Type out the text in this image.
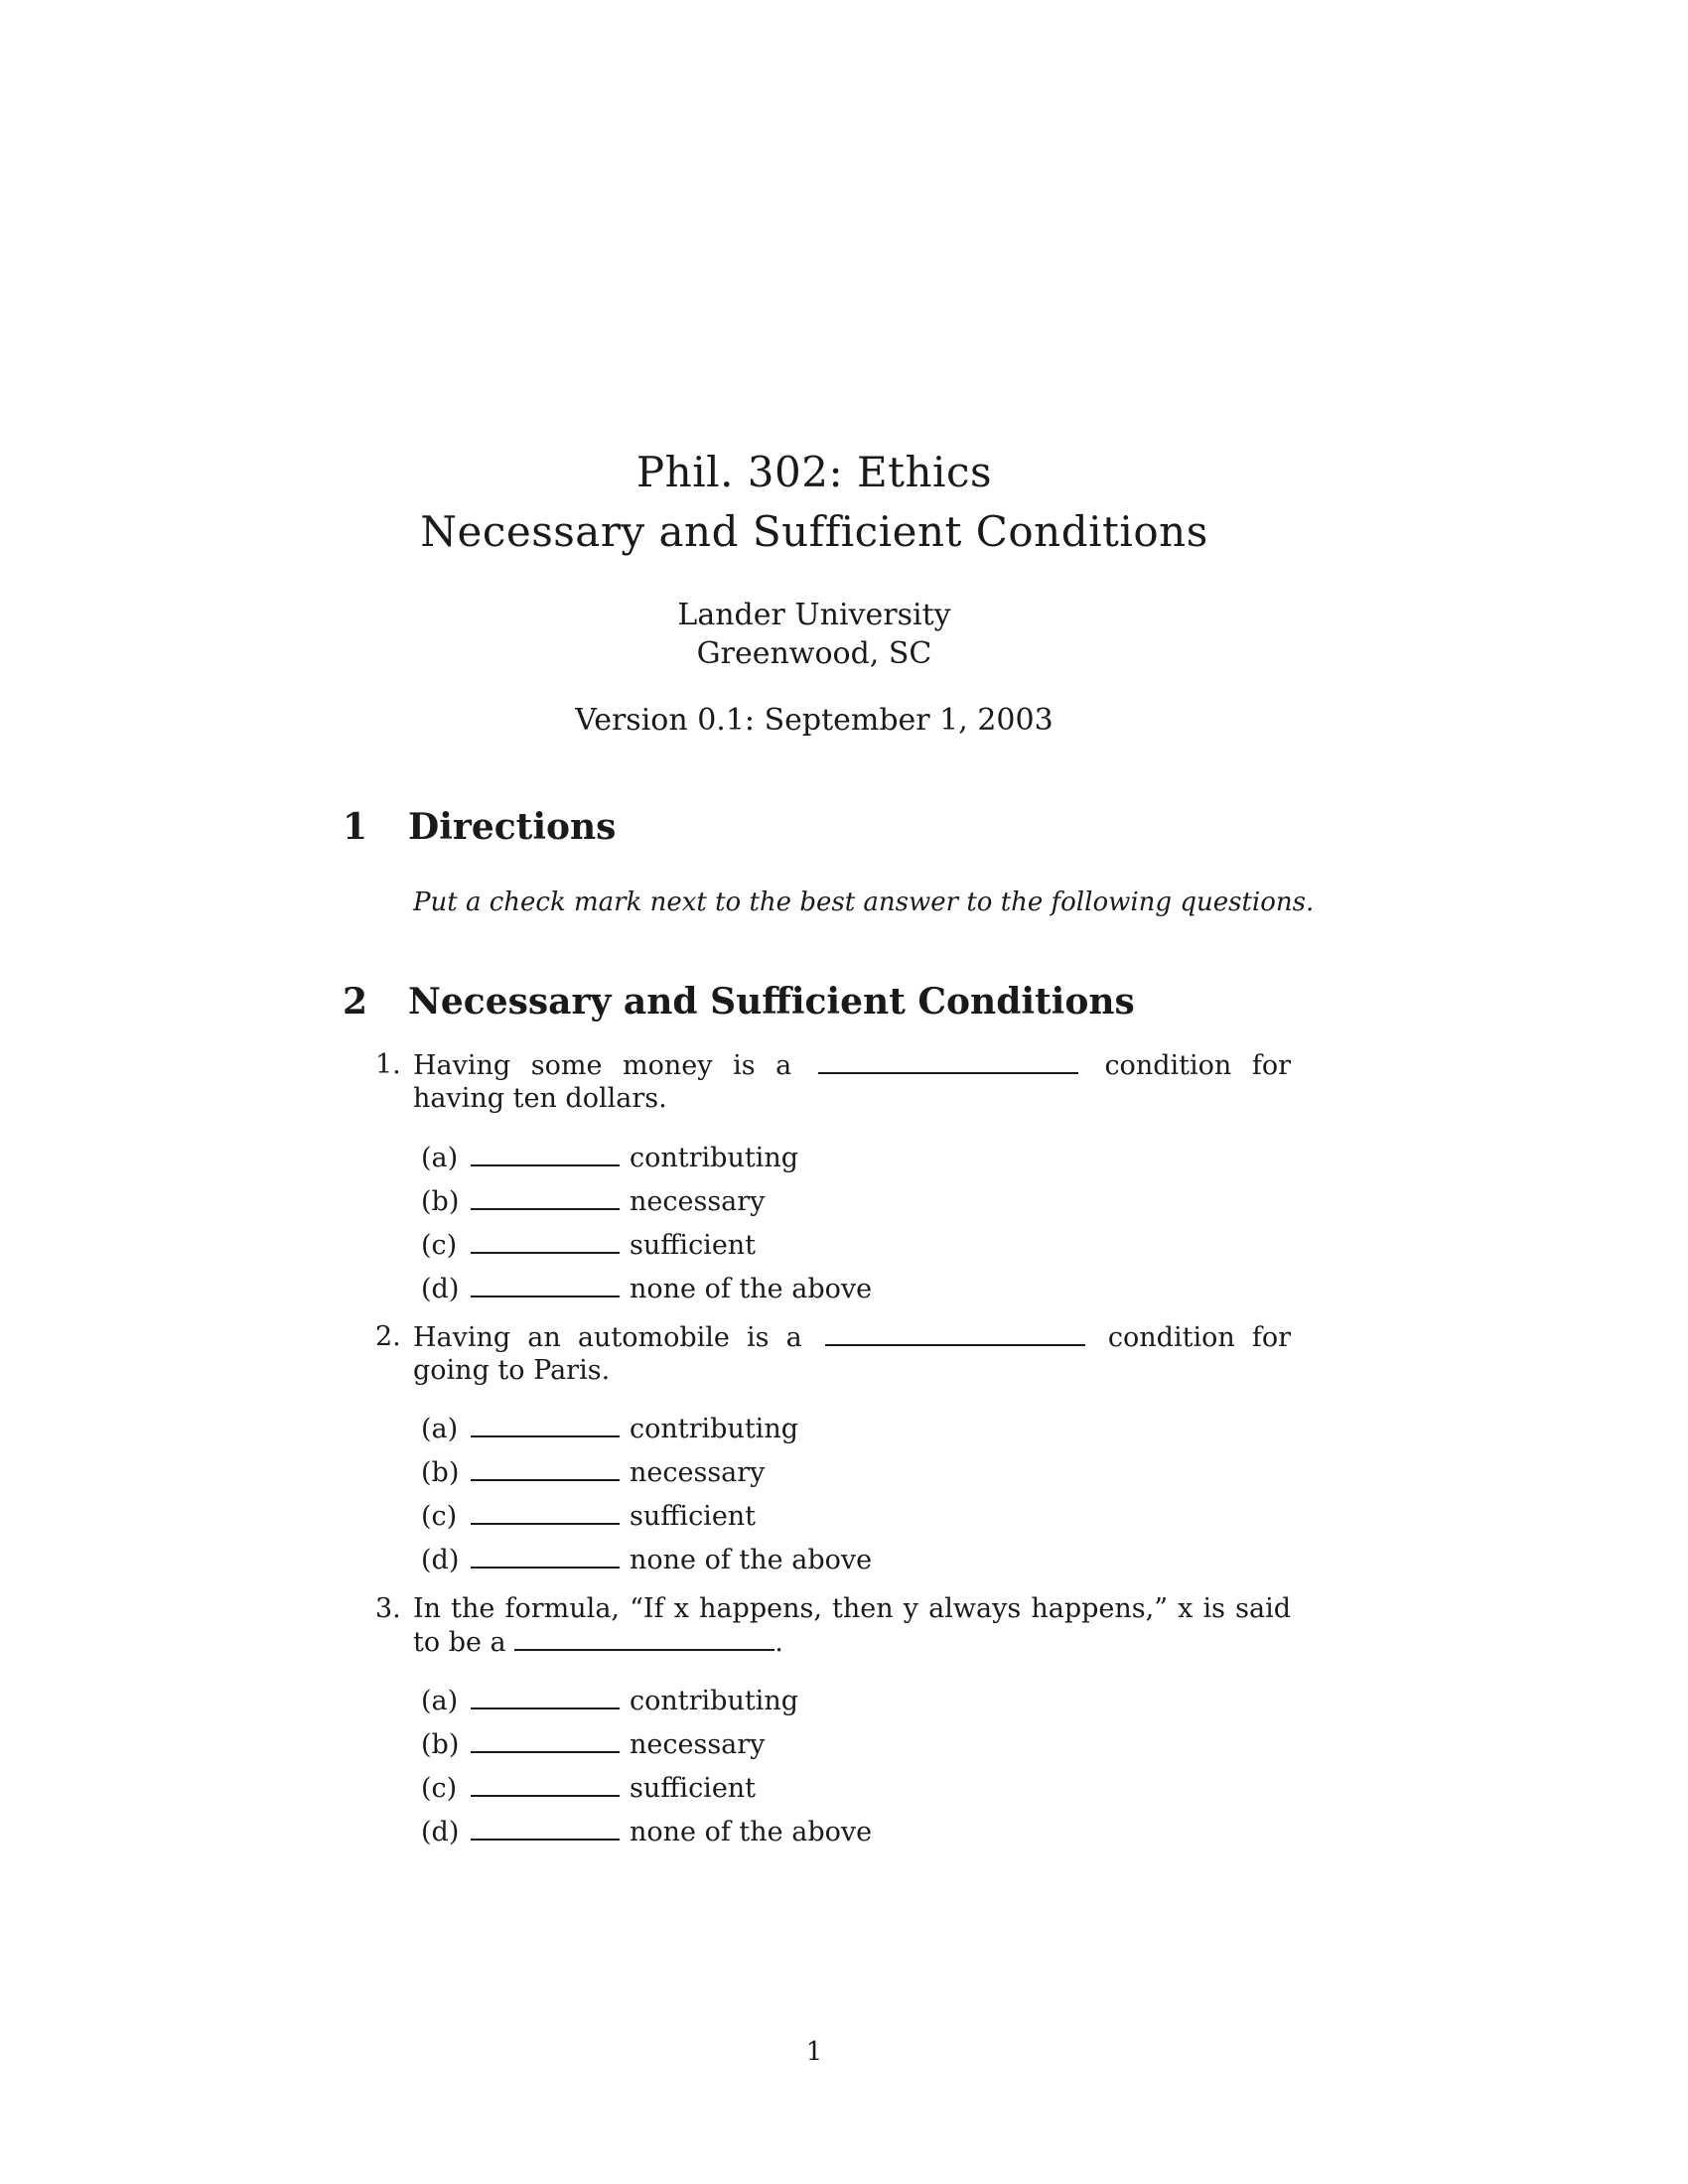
Phil. 302: Ethics
Necessary and Sufficient Conditions
Lander University
Greenwood, SC
Version 0.1: September 1, 2003
1 Directions
Put a check mark next to the best answer to the following questions.
2 Necessary and Sufficient Conditions
1. Having some money is a	condition for having ten dollars.
(a)	contributing
(b)	necessary
(c)	sufficient
(d)	none of the above
2. Having an automobile is a	condition for going to Paris.
(a)	contributing
(b)	necessary
(c)	sufficient
(d)	none of the above
3. In the formula, “If x happens, then y always happens,” x is said to be a	.
(a)	contributing
(b)	necessary
(c)	sufficient
(d)	none of the above
1
